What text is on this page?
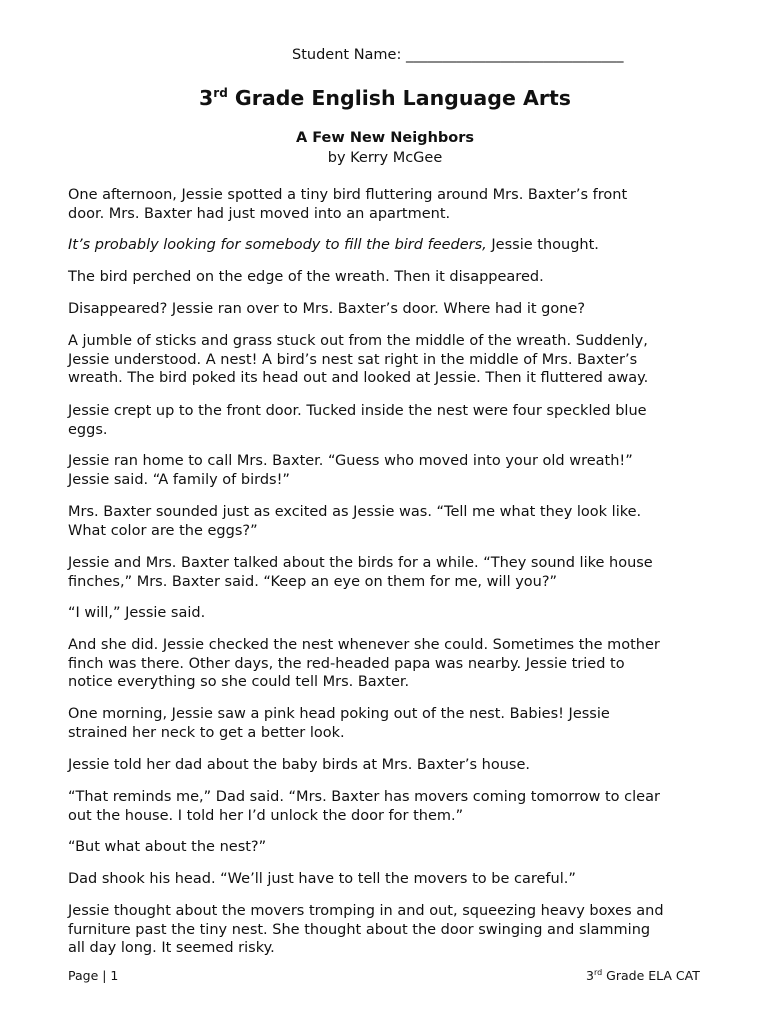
Student Name: ______________________________
3rd Grade English Language Arts
A Few New Neighbors
by Kerry McGee

One afternoon, Jessie spotted a tiny bird fluttering around Mrs. Baxter’s front
door. Mrs. Baxter had just moved into an apartment.

It’s probably looking for somebody to fill the bird feeders, Jessie thought.

The bird perched on the edge of the wreath. Then it disappeared.

Disappeared? Jessie ran over to Mrs. Baxter’s door. Where had it gone?

A jumble of sticks and grass stuck out from the middle of the wreath. Suddenly,
Jessie understood. A nest! A bird’s nest sat right in the middle of Mrs. Baxter’s
wreath. The bird poked its head out and looked at Jessie. Then it fluttered away.

Jessie crept up to the front door. Tucked inside the nest were four speckled blue
eggs.

Jessie ran home to call Mrs. Baxter. “Guess who moved into your old wreath!”
Jessie said. “A family of birds!”

Mrs. Baxter sounded just as excited as Jessie was. “Tell me what they look like.
What color are the eggs?”

Jessie and Mrs. Baxter talked about the birds for a while. “They sound like house
finches,” Mrs. Baxter said. “Keep an eye on them for me, will you?”

“I will,” Jessie said.

And she did. Jessie checked the nest whenever she could. Sometimes the mother
finch was there. Other days, the red-headed papa was nearby. Jessie tried to
notice everything so she could tell Mrs. Baxter.

One morning, Jessie saw a pink head poking out of the nest. Babies! Jessie
strained her neck to get a better look.

Jessie told her dad about the baby birds at Mrs. Baxter’s house.

“That reminds me,” Dad said. “Mrs. Baxter has movers coming tomorrow to clear
out the house. I told her I’d unlock the door for them.”

“But what about the nest?”

Dad shook his head. “We’ll just have to tell the movers to be careful.”

Jessie thought about the movers tromping in and out, squeezing heavy boxes and
furniture past the tiny nest. She thought about the door swinging and slamming
all day long. It seemed risky.

Page | 1	3rd Grade ELA CAT
